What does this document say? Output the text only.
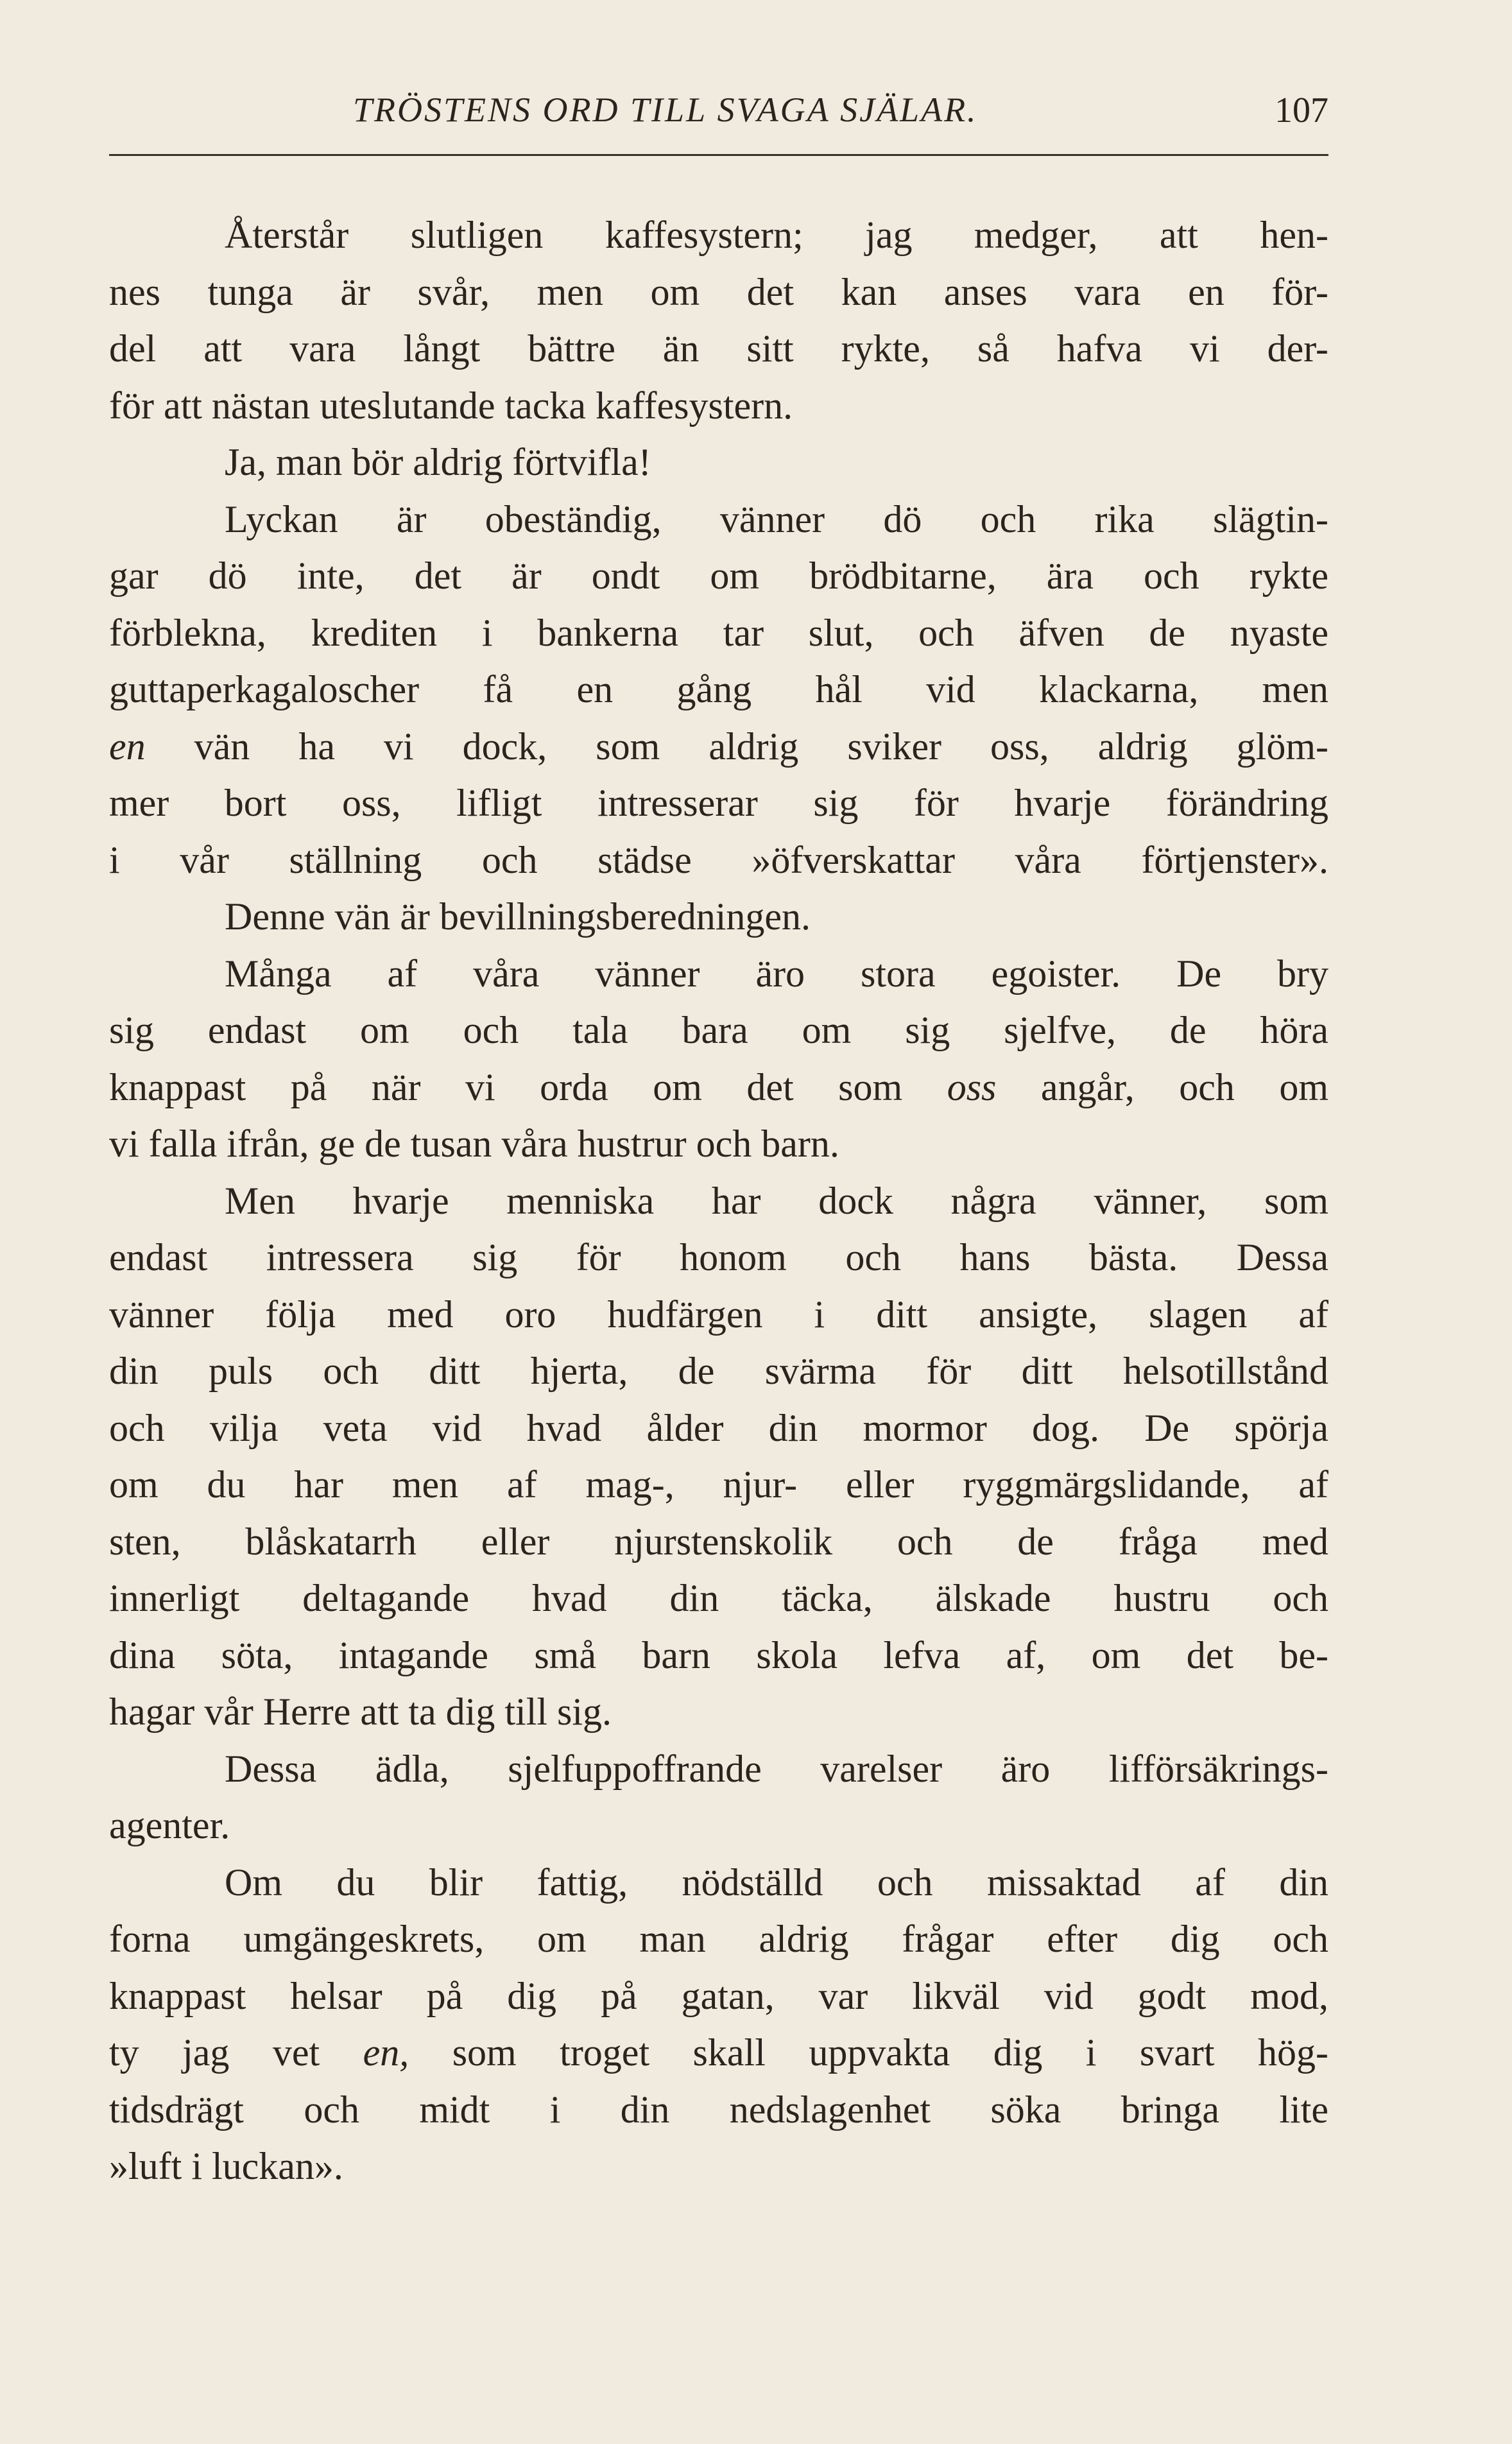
TRÖSTENS ORD TILL SVAGA SJÄLAR.	107
Återstår slutligen kaffesystern; jag medger, att hen-
nes tunga är svår, men om det kan anses vara en för-
del att vara långt bättre än sitt rykte, så hafva vi der-
för att nästan uteslutande tacka kaffesystern.
Ja, man bör aldrig förtvifla!
Lyckan är obeständig, vänner dö och rika slägtin-
gar dö inte, det är ondt om brödbitarne, ära och rykte
förblekna, krediten i bankerna tar slut, och äfven de nyaste
guttaperkagaloscher få en gång hål vid klackarna, men
en vän ha vi dock, som aldrig sviker oss, aldrig glöm-
mer bort oss, lifligt intresserar sig för hvarje förändring
i vår ställning och städse »öfverskattar våra förtjenster».
Denne vän är bevillningsberedningen.
Många af våra vänner äro stora egoister. De bry
sig endast om och tala bara om sig sjelfve, de höra
knappast på när vi orda om det som oss angår, och om
vi falla ifrån, ge de tusan våra hustrur och barn.
Men hvarje menniska har dock några vänner, som
endast intressera sig för honom och hans bästa. Dessa
vänner följa med oro hudfärgen i ditt ansigte, slagen af
din puls och ditt hjerta, de svärma för ditt helsotillstånd
och vilja veta vid hvad ålder din mormor dog. De spörja
om du har men af mag-, njur- eller ryggmärgslidande, af
sten, blåskatarrh eller njurstenskolik och de fråga med
innerligt deltagande hvad din täcka, älskade hustru och
dina söta, intagande små barn skola lefva af, om det be-
hagar vår Herre att ta dig till sig.
Dessa ädla, sjelfuppoffrande varelser äro lifförsäkrings-
agenter.
Om du blir fattig, nödställd och missaktad af din
forna umgängeskrets, om man aldrig frågar efter dig och
knappast helsar på dig på gatan, var likväl vid godt mod,
ty jag vet en, som troget skall uppvakta dig i svart hög-
tidsdrägt och midt i din nedslagenhet söka bringa lite
»luft i luckan».
